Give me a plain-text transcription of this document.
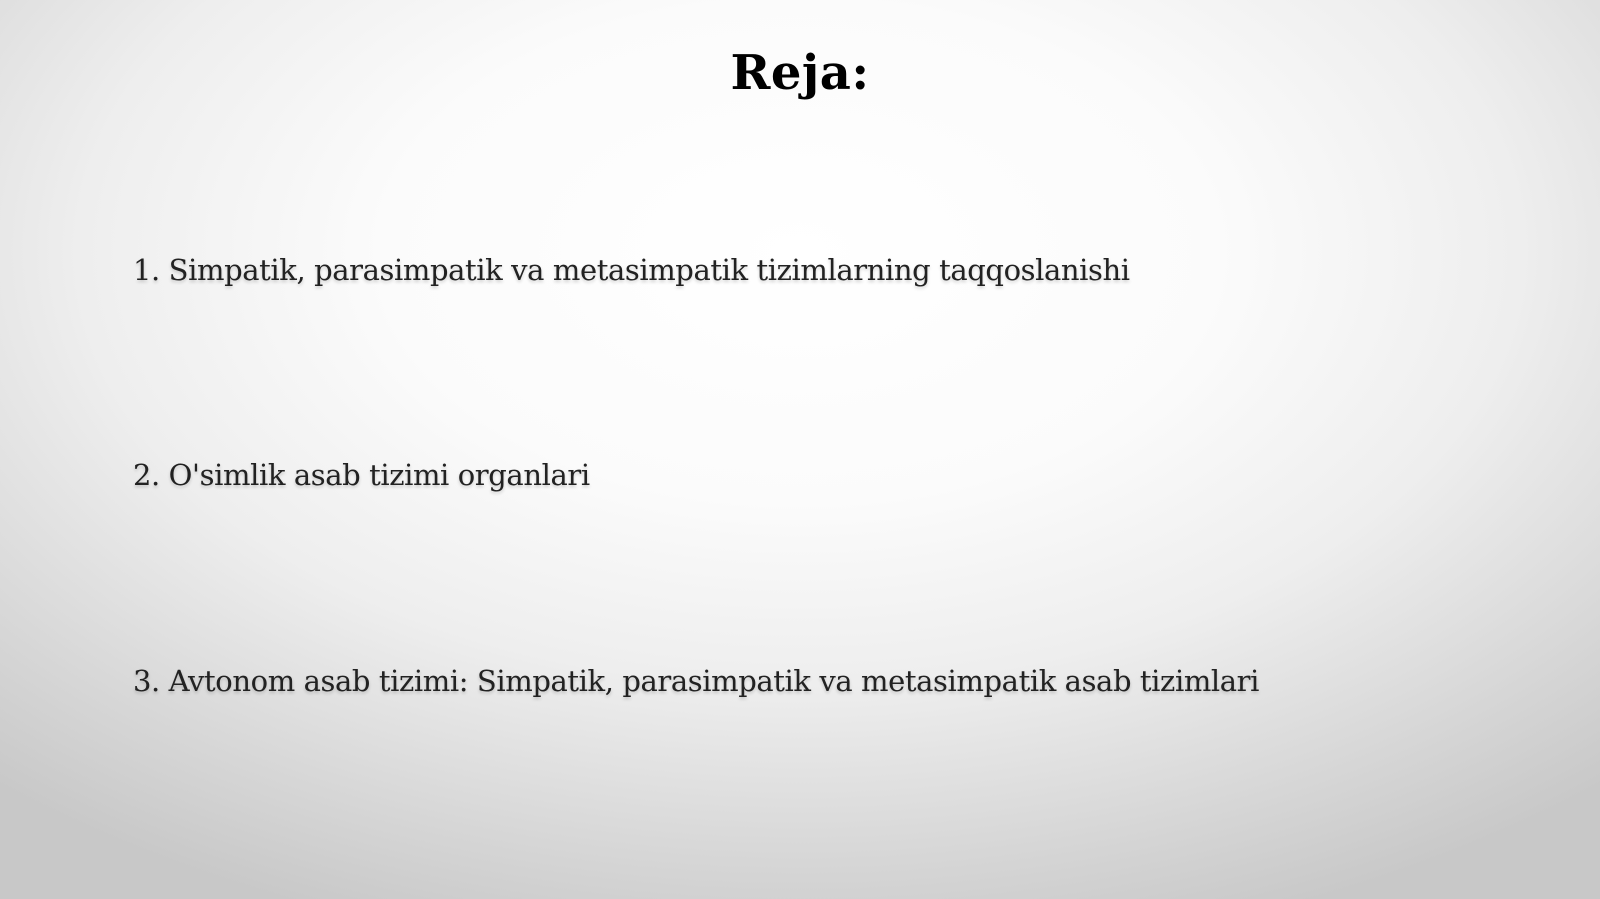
Reja:
1. Simpatik, parasimpatik va metasimpatik tizimlarning taqqoslanishi
2. O'simlik asab tizimi organlari
3. Avtonom asab tizimi: Simpatik, parasimpatik va metasimpatik asab tizimlari
